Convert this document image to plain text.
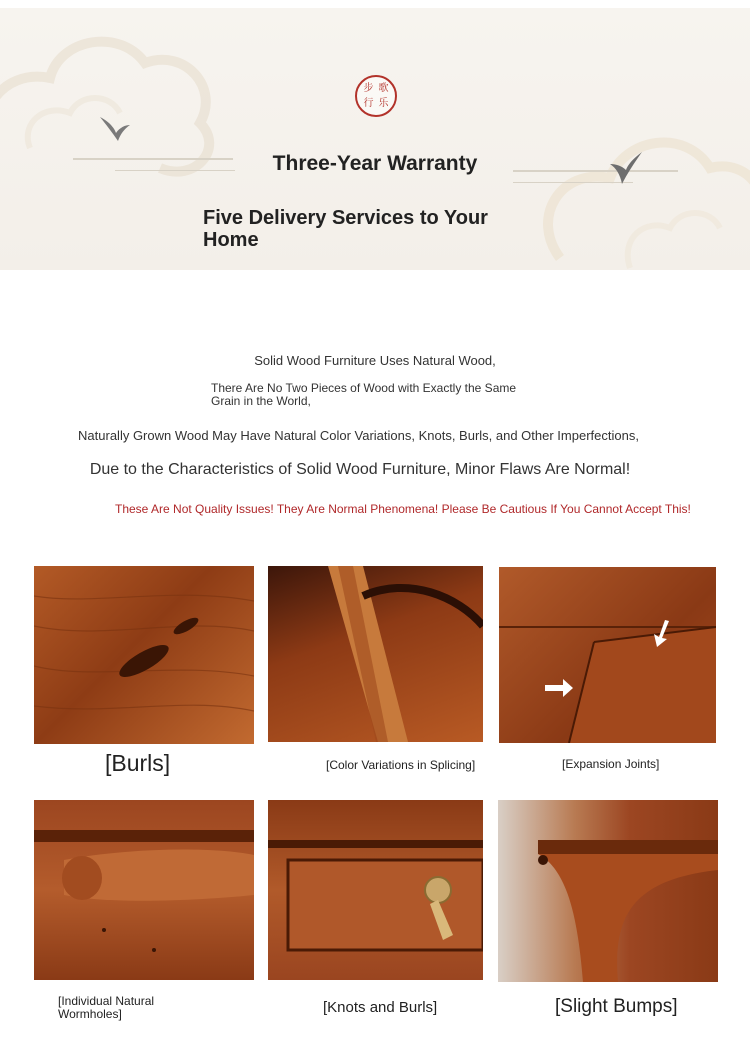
步 歌
行 乐
Three-Year Warranty
Five Delivery Services to Your Home
Solid Wood Furniture Uses Natural Wood,
There Are No Two Pieces of Wood with Exactly the Same Grain in the World,
Naturally Grown Wood May Have Natural Color Variations, Knots, Burls, and Other Imperfections,
Due to the Characteristics of Solid Wood Furniture, Minor Flaws Are Normal!
These Are Not Quality Issues! They Are Normal Phenomena! Please Be Cautious If You Cannot Accept This!
[Burls]	[Color Variations in Splicing]	[Expansion Joints]
[Individual Natural Wormholes]	[Knots and Burls]	[Slight Bumps]
